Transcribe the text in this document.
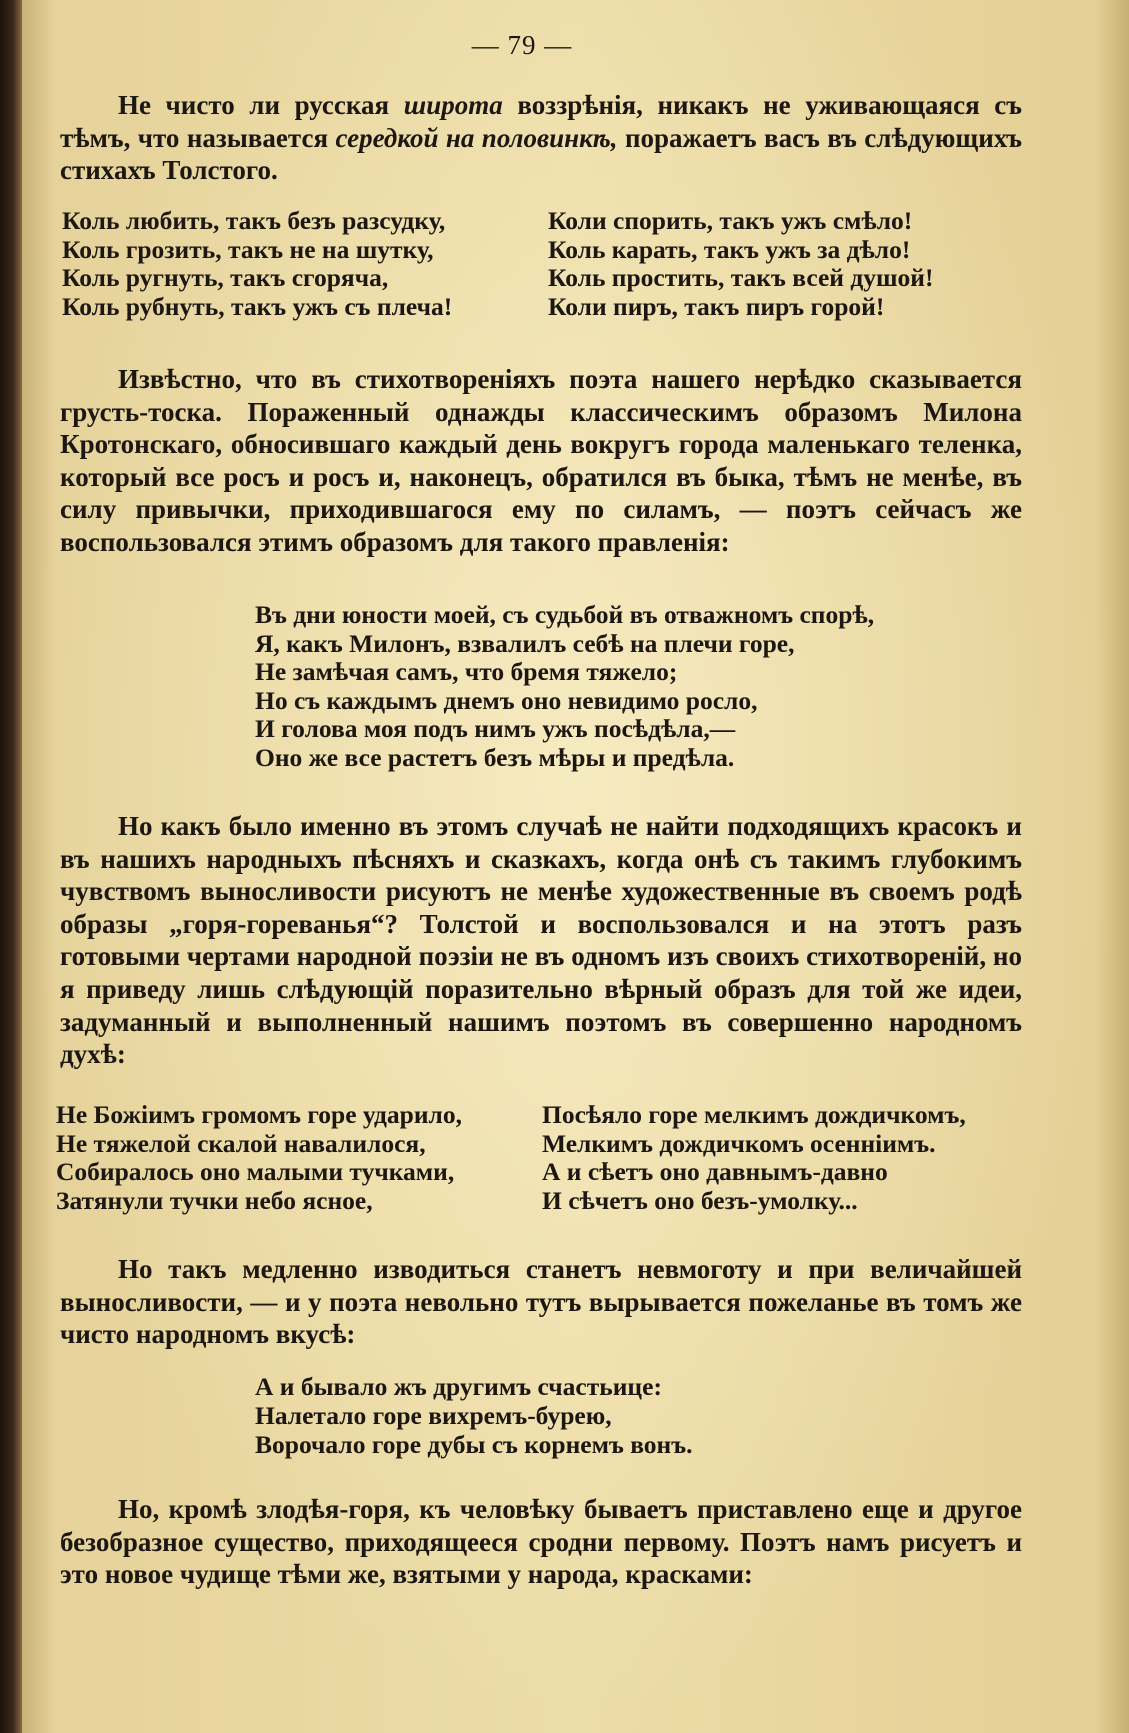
— 79 —

Не чисто ли русская широта воззрѣнія, никакъ не уживающаяся съ тѣмъ, что называется середкой на половинкѣ, поражаетъ васъ въ слѣдующихъ стихахъ Толстого.

Коль любить, такъ безъ разсудку,
Коль грозить, такъ не на шутку,
Коль ругнуть, такъ сгоряча,
Коль рубнуть, такъ ужъ съ плеча!
Коли спорить, такъ ужъ смѣло!
Коль карать, такъ ужъ за дѣло!
Коль простить, такъ всей душой!
Коли пиръ, такъ пиръ горой!

Извѣстно, что въ стихотвореніяхъ поэта нашего нерѣдко сказывается грусть-тоска. Пораженный однажды классическимъ образомъ Милона Кротонскаго, обносившаго каждый день вокругъ города маленькаго теленка, который все росъ и росъ и, наконецъ, обратился въ быка, тѣмъ не менѣе, въ силу привычки, приходившагося ему по силамъ, — поэтъ сейчасъ же воспользовался этимъ образомъ для такого правленія:

Въ дни юности моей, съ судьбой въ отважномъ спорѣ,
Я, какъ Милонъ, взвалилъ себѣ на плечи горе,
Не замѣчая самъ, что бремя тяжело;
Но съ каждымъ днемъ оно невидимо росло,
И голова моя подъ нимъ ужъ посѣдѣла,—
Оно же все растетъ безъ мѣры и предѣла.

Но какъ было именно въ этомъ случаѣ не найти подходящихъ красокъ и въ нашихъ народныхъ пѣсняхъ и сказкахъ, когда онѣ съ такимъ глубокимъ чувствомъ выносливости рисуютъ не менѣе художественные въ своемъ родѣ образы „горя-горeванья“? Толстой и воспользовался и на этотъ разъ готовыми чертами народной поэзіи не въ одномъ изъ своихъ стихотвореній, но я приведу лишь слѣдующій поразительно вѣрный образъ для той же идеи, задуманный и выполненный нашимъ поэтомъ въ совершенно народномъ духѣ:

Не Божіимъ громомъ горе ударило,
Не тяжелой скалой навалилося,
Собиралось оно малыми тучками,
Затянули тучки небо ясное,
Посѣяло горе мелкимъ дождичкомъ,
Мелкимъ дождичкомъ осеннiимъ.
А и сѣетъ оно давнымъ-давно
И сѣчетъ оно безъ-умолку...

Но такъ медленно изводиться станетъ невмоготу и при величайшей выносливости, — и у поэта невольно тутъ вырывается пожеланье въ томъ же чисто народномъ вкусѣ:

А и бывало жъ другимъ счастьице:
Налетало горе вихремъ-бурею,
Ворочало горе дубы съ корнемъ вонъ.

Но, кромѣ злодѣя-горя, къ человѣку бываетъ приставлено еще и другое безобразное существо, приходящееся сродни первому. Поэтъ намъ рисуетъ и это новое чудище тѣми же, взятыми у народа, красками:
